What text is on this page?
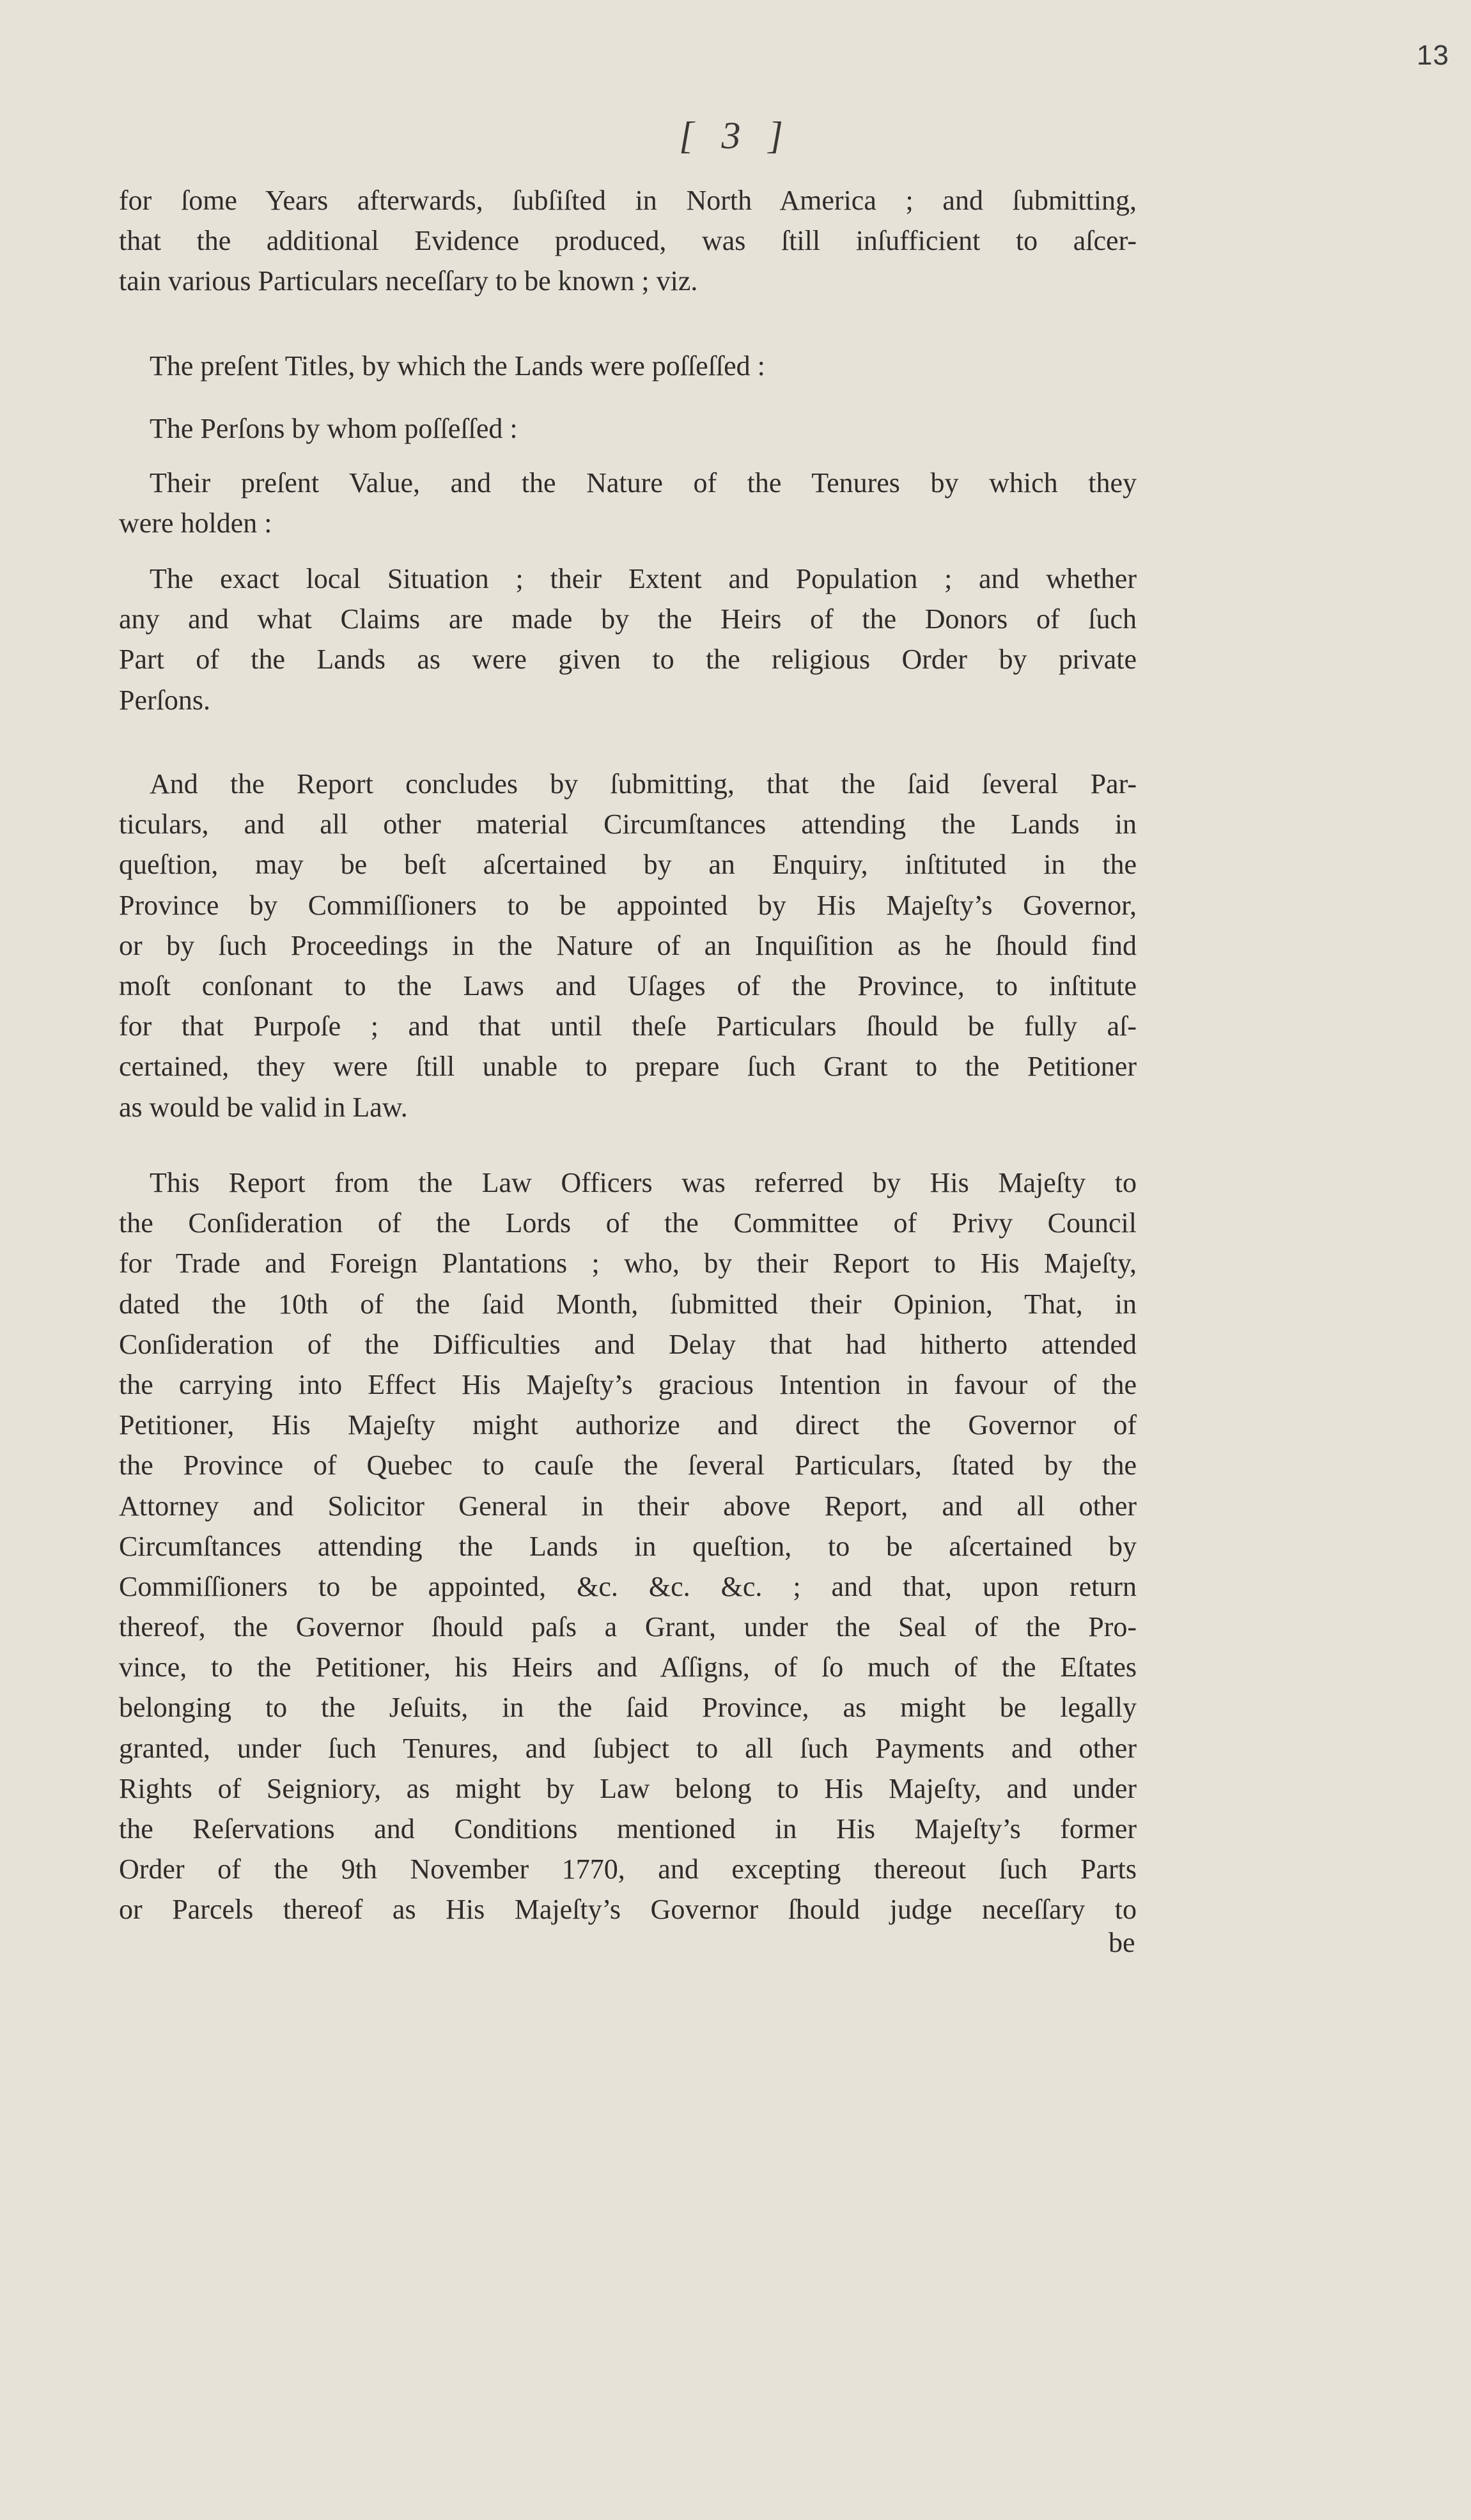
13
[ 3 ]
for ſome Years afterwards, ſubſiſted in North America ; and ſubmitting,
that the additional Evidence produced, was ſtill inſufficient to aſcer-
tain various Particulars neceſſary to be known ; viz.
The preſent Titles, by which the Lands were poſſeſſed :
The Perſons by whom poſſeſſed :
Their preſent Value, and the Nature of the Tenures by which they
were holden :
The exact local Situation ; their Extent and Population ; and whether
any and what Claims are made by the Heirs of the Donors of ſuch
Part of the Lands as were given to the religious Order by private
Perſons.
And the Report concludes by ſubmitting, that the ſaid ſeveral Par-
ticulars, and all other material Circumſtances attending the Lands in
queſtion, may be beſt aſcertained by an Enquiry, inſtituted in the
Province by Commiſſioners to be appointed by His Majeſty’s Governor,
or by ſuch Proceedings in the Nature of an Inquiſition as he ſhould find
moſt conſonant to the Laws and Uſages of the Province, to inſtitute
for that Purpoſe ; and that until theſe Particulars ſhould be fully aſ-
certained, they were ſtill unable to prepare ſuch Grant to the Petitioner
as would be valid in Law.
This Report from the Law Officers was referred by His Majeſty to
the Conſideration of the Lords of the Committee of Privy Council
for Trade and Foreign Plantations ; who, by their Report to His Majeſty,
dated the 10th of the ſaid Month, ſubmitted their Opinion, That, in
Conſideration of the Difficulties and Delay that had hitherto attended
the carrying into Effect His Majeſty’s gracious Intention in favour of the
Petitioner, His Majeſty might authorize and direct the Governor of
the Province of Quebec to cauſe the ſeveral Particulars, ſtated by the
Attorney and Solicitor General in their above Report, and all other
Circumſtances attending the Lands in queſtion, to be aſcertained by
Commiſſioners to be appointed, &c. &c. &c. ; and that, upon return
thereof, the Governor ſhould paſs a Grant, under the Seal of the Pro-
vince, to the Petitioner, his Heirs and Aſſigns, of ſo much of the Eſtates
belonging to the Jeſuits, in the ſaid Province, as might be legally
granted, under ſuch Tenures, and ſubject to all ſuch Payments and other
Rights of Seigniory, as might by Law belong to His Majeſty, and under
the Reſervations and Conditions mentioned in His Majeſty’s former
Order of the 9th November 1770, and excepting thereout ſuch Parts
or Parcels thereof as His Majeſty’s Governor ſhould judge neceſſary to
be
